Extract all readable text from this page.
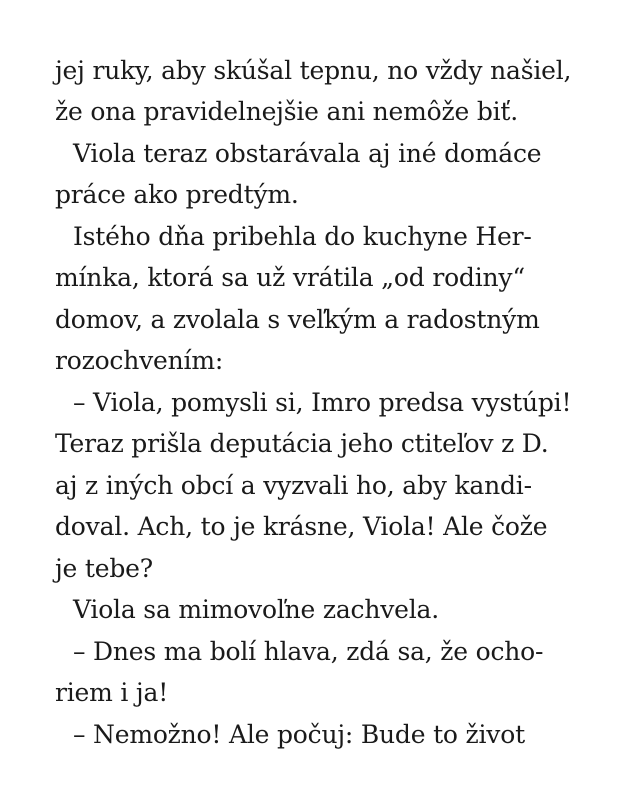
jej ruky, aby skúšal tepnu, no vždy našiel,
že ona pravidelnejšie ani nemôže biť.
Viola teraz obstarávala aj iné domáce
práce ako predtým.
Istého dňa pribehla do kuchyne Her-
mínka, ktorá sa už vrátila „od rodiny“
domov, a zvolala s veľkým a radostným
rozochvením:
– Viola, pomysli si, Imro predsa vystúpi!
Teraz prišla deputácia jeho ctiteľov z D.
aj z iných obcí a vyzvali ho, aby kandi-
doval. Ach, to je krásne, Viola! Ale čože
je tebe?
Viola sa mimovoľne zachvela.
– Dnes ma bolí hlava, zdá sa, že ocho-
riem i ja!
– Nemožno! Ale počuj: Bude to život
